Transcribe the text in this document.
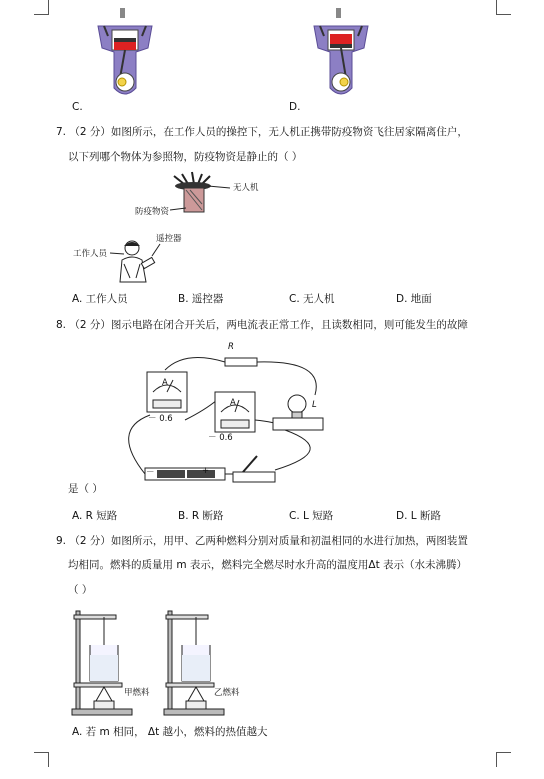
C.	D.
7. （2 分）如图所示，在工作人员的操控下，无人机正携带防疫物资飞往居家隔离住户，
以下列哪个物体为参照物，防疫物资是静止的（ ）
无人机
防疫物资
工作人员
遥控器
A. 工作人员	B. 遥控器	C. 无人机	D. 地面
8. （2 分）图示电路在闭合开关后，两电流表正常工作，且读数相同，则可能发生的故障
R
L
A
A
－ 0.6
－ 0.6
－	+
是（ ）
A. R 短路	B. R 断路	C. L 短路	D. L 断路
9. （2 分）如图所示，用甲、乙两种燃料分别对质量和初温相同的水进行加热，两图装置
均相同。燃料的质量用 m 表示，燃料完全燃尽时水升高的温度用Δt 表示（水未沸腾）
（ ）
甲燃料	乙燃料
A. 若 m 相同， Δt 越小，燃料的热值越大
